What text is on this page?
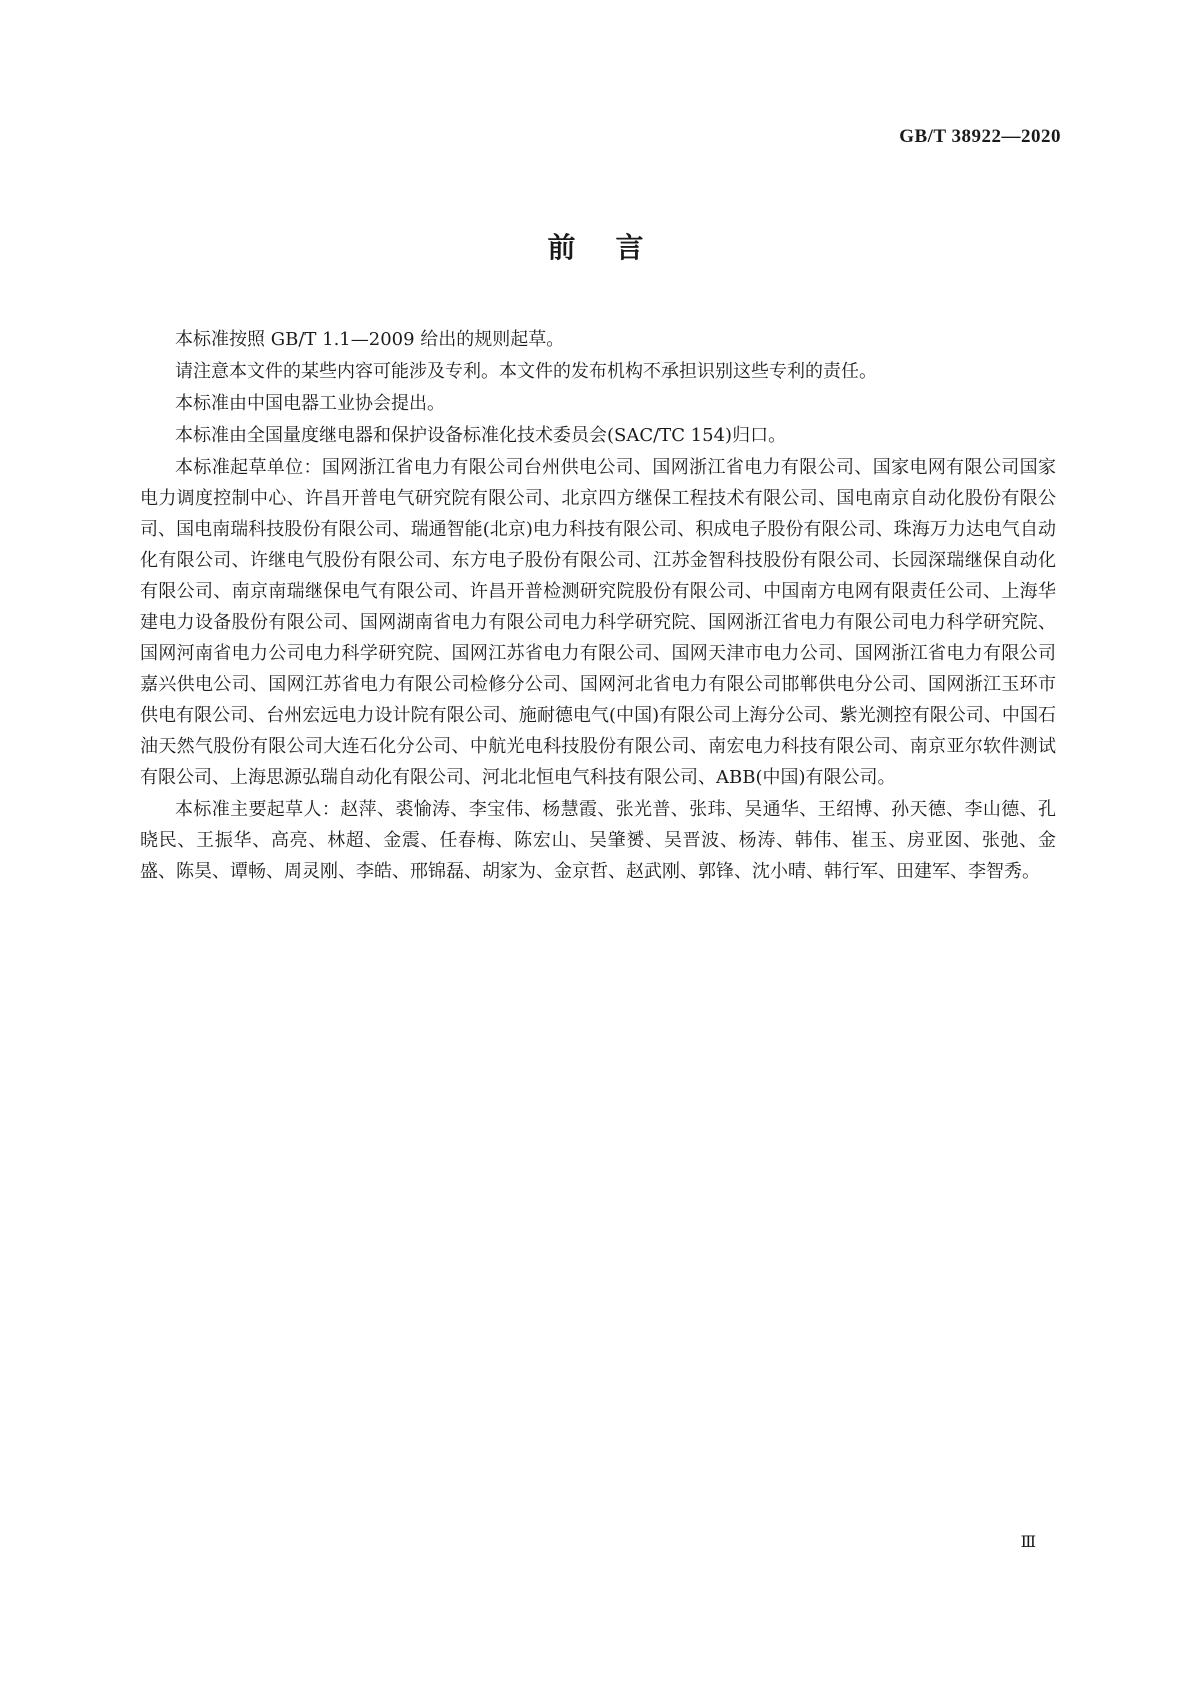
GB/T 38922—2020
前言

本标准按照 GB/T 1.1—2009 给出的规则起草。

请注意本文件的某些内容可能涉及专利。本文件的发布机构不承担识别这些专利的责任。

本标准由中国电器工业协会提出。

本标准由全国量度继电器和保护设备标准化技术委员会(SAC/TC 154)归口。

本标准起草单位：国网浙江省电力有限公司台州供电公司、国网浙江省电力有限公司、国家电网有限公司国家电力调度控制中心、许昌开普电气研究院有限公司、北京四方继保工程技术有限公司、国电南京自动化股份有限公司、国电南瑞科技股份有限公司、瑞通智能(北京)电力科技有限公司、积成电子股份有限公司、珠海万力达电气自动化有限公司、许继电气股份有限公司、东方电子股份有限公司、江苏金智科技股份有限公司、长园深瑞继保自动化有限公司、南京南瑞继保电气有限公司、许昌开普检测研究院股份有限公司、中国南方电网有限责任公司、上海华建电力设备股份有限公司、国网湖南省电力有限公司电力科学研究院、国网浙江省电力有限公司电力科学研究院、国网河南省电力公司电力科学研究院、国网江苏省电力有限公司、国网天津市电力公司、国网浙江省电力有限公司嘉兴供电公司、国网江苏省电力有限公司检修分公司、国网河北省电力有限公司邯郸供电分公司、国网浙江玉环市供电有限公司、台州宏远电力设计院有限公司、施耐德电气(中国)有限公司上海分公司、紫光测控有限公司、中国石油天然气股份有限公司大连石化分公司、中航光电科技股份有限公司、南宏电力科技有限公司、南京亚尔软件测试有限公司、上海思源弘瑞自动化有限公司、河北北恒电气科技有限公司、ABB(中国)有限公司。

本标准主要起草人：赵萍、裘愉涛、李宝伟、杨慧霞、张光普、张玮、吴通华、王绍博、孙天德、李山德、孔晓民、王振华、高亮、林超、金震、任春梅、陈宏山、吴肇赟、吴晋波、杨涛、韩伟、崔玉、房亚囡、张弛、金盛、陈昊、谭畅、周灵刚、李皓、邢锦磊、胡家为、金京哲、赵武刚、郭锋、沈小晴、韩行军、田建军、李智秀。

Ⅲ
